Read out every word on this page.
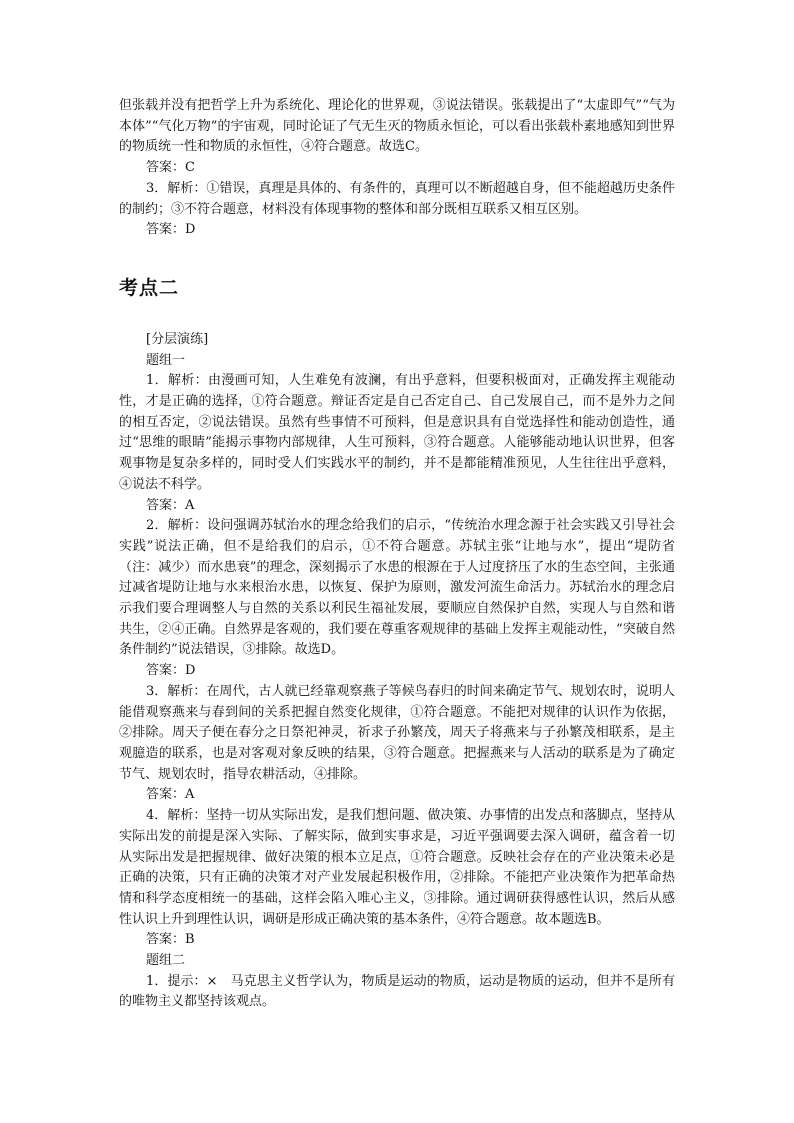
但张载并没有把哲学上升为系统化、理论化的世界观，③说法错误。张载提出了“太虚即气”“气为本体”“气化万物”的宇宙观，同时论证了气无生灭的物质永恒论，可以看出张载朴素地感知到世界的物质统一性和物质的永恒性，④符合题意。故选C。

答案：C

3．解析：①错误，真理是具体的、有条件的，真理可以不断超越自身，但不能超越历史条件的制约；③不符合题意，材料没有体现事物的整体和部分既相互联系又相互区别。

答案：D

考点二

[分层演练]

题组一

1．解析：由漫画可知，人生难免有波澜，有出乎意料，但要积极面对，正确发挥主观能动性，才是正确的选择，①符合题意。辩证否定是自己否定自己、自己发展自己，而不是外力之间的相互否定，②说法错误。虽然有些事情不可预料，但是意识具有自觉选择性和能动创造性，通过“思维的眼睛”能揭示事物内部规律，人生可预料，③符合题意。人能够能动地认识世界，但客观事物是复杂多样的，同时受人们实践水平的制约，并不是都能精准预见，人生往往出乎意料，④说法不科学。

答案：A

2．解析：设问强调苏轼治水的理念给我们的启示，“传统治水理念源于社会实践又引导社会实践”说法正确，但不是给我们的启示，①不符合题意。苏轼主张“让地与水”，提出“堤防省（注：减少）而水患衰”的理念，深刻揭示了水患的根源在于人过度挤压了水的生态空间，主张通过减省堤防让地与水来根治水患，以恢复、保护为原则，激发河流生命活力。苏轼治水的理念启示我们要合理调整人与自然的关系以利民生福祉发展，要顺应自然保护自然，实现人与自然和谐共生，②④正确。自然界是客观的，我们要在尊重客观规律的基础上发挥主观能动性，“突破自然条件制约”说法错误，③排除。故选D。

答案：D

3．解析：在周代，古人就已经靠观察燕子等候鸟春归的时间来确定节气、规划农时，说明人能借观察燕来与春到间的关系把握自然变化规律，①符合题意。不能把对规律的认识作为依据，②排除。周天子便在春分之日祭祀神灵，祈求子孙繁茂，周天子将燕来与子孙繁茂相联系，是主观臆造的联系，也是对客观对象反映的结果，③符合题意。把握燕来与人活动的联系是为了确定节气、规划农时，指导农耕活动，④排除。

答案：A

4．解析：坚持一切从实际出发，是我们想问题、做决策、办事情的出发点和落脚点，坚持从实际出发的前提是深入实际、了解实际，做到实事求是，习近平强调要去深入调研，蕴含着一切从实际出发是把握规律、做好决策的根本立足点，①符合题意。反映社会存在的产业决策未必是正确的决策，只有正确的决策才对产业发展起积极作用，②排除。不能把产业决策作为把革命热情和科学态度相统一的基础，这样会陷入唯心主义，③排除。通过调研获得感性认识，然后从感性认识上升到理性认识，调研是形成正确决策的基本条件，④符合题意。故本题选B。

答案：B

题组二

1．提示：×　马克思主义哲学认为，物质是运动的物质，运动是物质的运动，但并不是所有的唯物主义都坚持该观点。
